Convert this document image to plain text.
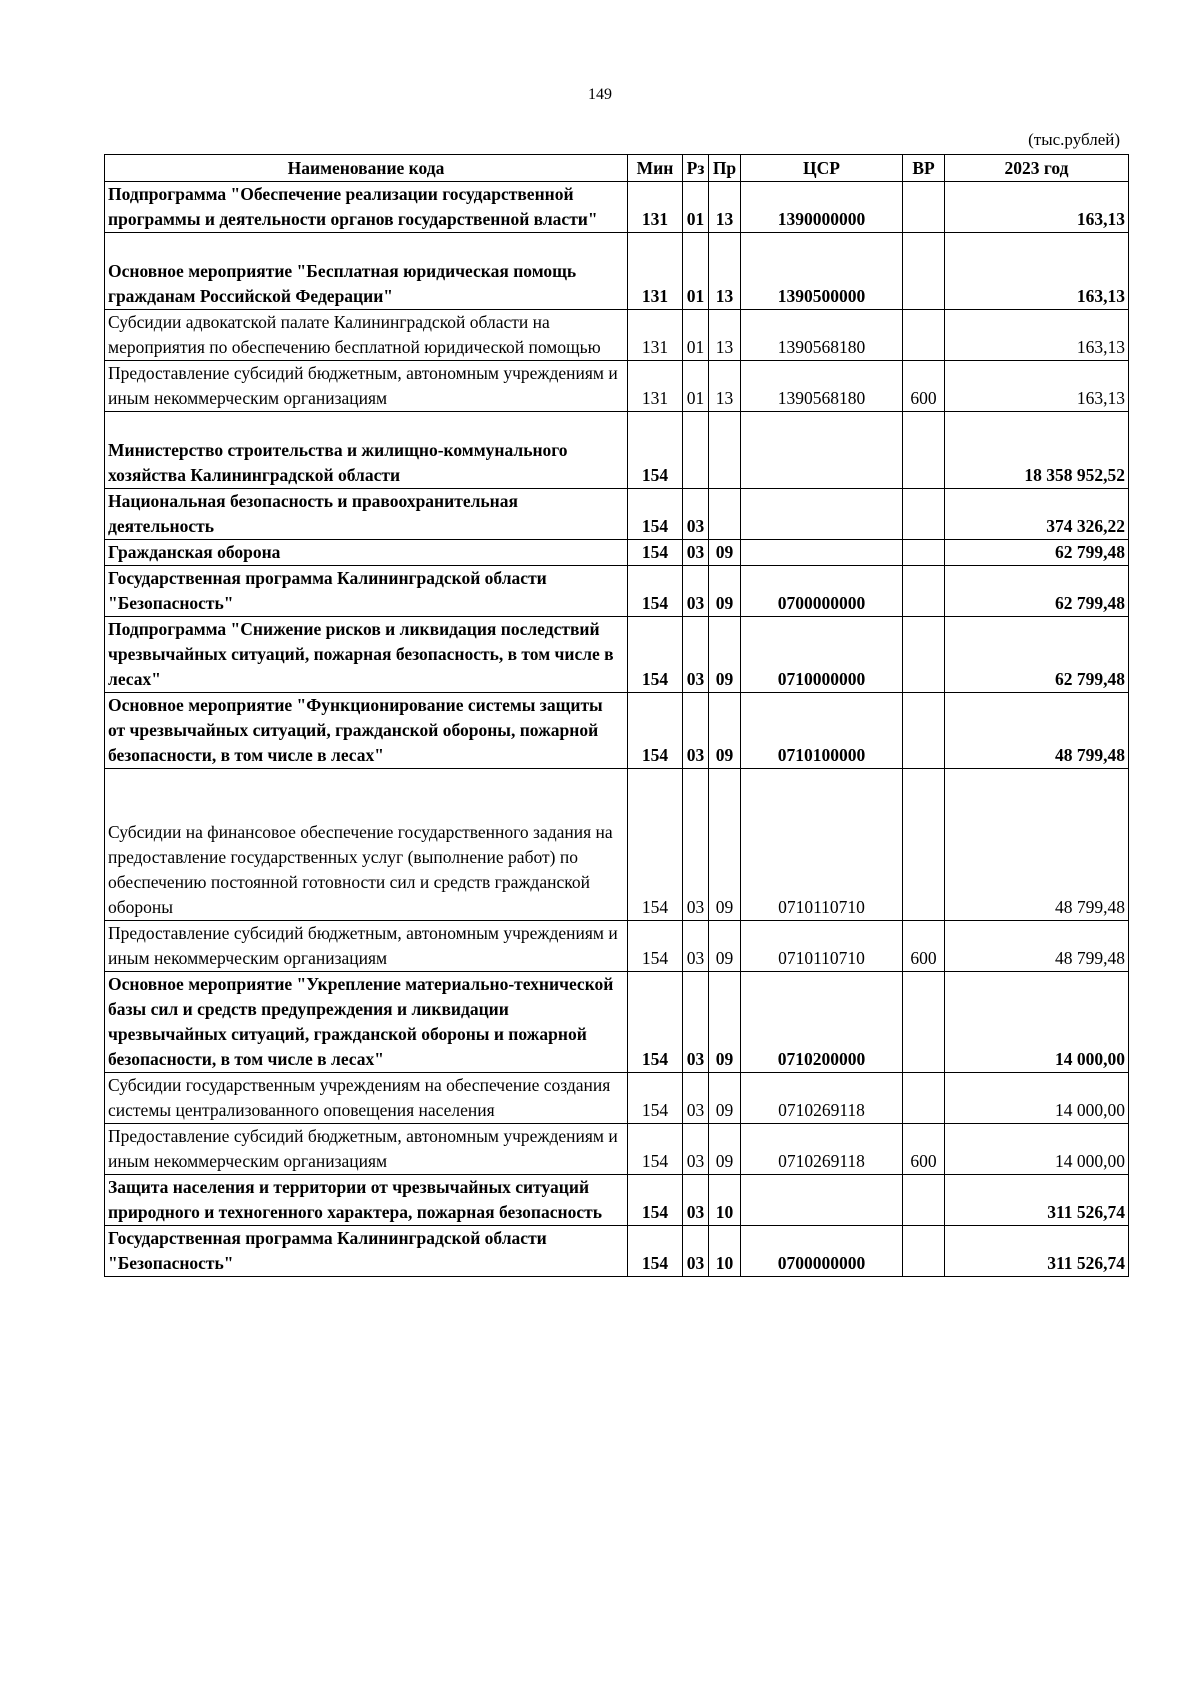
149
(тыс.рублей)
Наименование кода	Мин	Рз	Пр	ЦСР	ВР	2023 год
Подпрограмма "Обеспечение реализации государственной программы и деятельности органов государственной власти"	131	01	13	1390000000		163,13
Основное мероприятие "Бесплатная юридическая помощь гражданам Российской Федерации"	131	01	13	1390500000		163,13
Субсидии адвокатской палате Калининградской области на мероприятия по обеспечению бесплатной юридической помощью	131	01	13	1390568180		163,13
Предоставление субсидий бюджетным, автономным учреждениям и иным некоммерческим организациям	131	01	13	1390568180	600	163,13
Министерство строительства и жилищно-коммунального хозяйства Калининградской области	154					18 358 952,52
Национальная безопасность и правоохранительная деятельность	154	03				374 326,22
Гражданская оборона	154	03	09			62 799,48
Государственная программа Калининградской области "Безопасность"	154	03	09	0700000000		62 799,48
Подпрограмма "Снижение рисков и ликвидация последствий чрезвычайных ситуаций, пожарная безопасность, в том числе в лесах"	154	03	09	0710000000		62 799,48
Основное мероприятие "Функционирование системы защиты от чрезвычайных ситуаций, гражданской обороны, пожарной безопасности, в том числе в лесах"	154	03	09	0710100000		48 799,48
Субсидии на финансовое обеспечение государственного задания на предоставление государственных услуг (выполнение работ) по обеспечению постоянной готовности сил и средств гражданской обороны	154	03	09	0710110710		48 799,48
Предоставление субсидий бюджетным, автономным учреждениям и иным некоммерческим организациям	154	03	09	0710110710	600	48 799,48
Основное мероприятие "Укрепление материально-технической базы сил и средств предупреждения и ликвидации чрезвычайных ситуаций, гражданской обороны и пожарной безопасности, в том числе в лесах"	154	03	09	0710200000		14 000,00
Субсидии государственным учреждениям на обеспечение создания системы централизованного оповещения населения	154	03	09	0710269118		14 000,00
Предоставление субсидий бюджетным, автономным учреждениям и иным некоммерческим организациям	154	03	09	0710269118	600	14 000,00
Защита населения и территории от чрезвычайных ситуаций природного и техногенного характера, пожарная безопасность	154	03	10			311 526,74
Государственная программа Калининградской области "Безопасность"	154	03	10	0700000000		311 526,74
